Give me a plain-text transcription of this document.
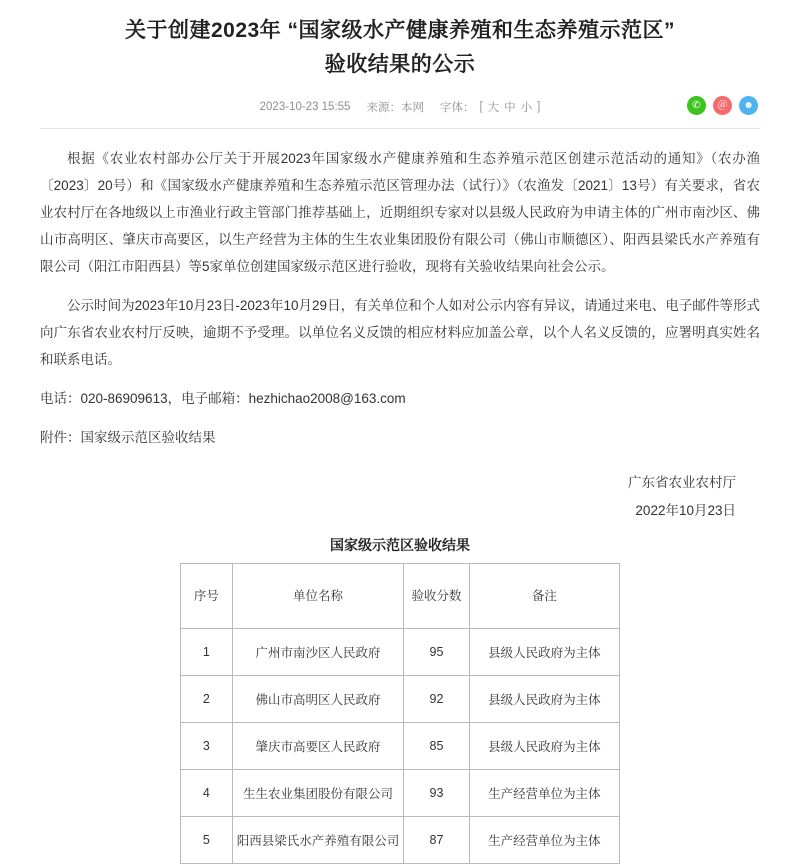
关于创建2023年 “国家级水产健康养殖和生态养殖示范区”
验收结果的公示
2023-10-23 15:55 来源：本网 字体： [ 大 中 小 ]	✆	＠	☻

根据《农业农村部办公厅关于开展2023年国家级水产健康养殖和生态养殖示范区创建示范活动的通知》（农办渔〔2023〕20号）和《国家级水产健康养殖和生态养殖示范区管理办法（试行）》（农渔发〔2021〕13号）有关要求，省农业农村厅在各地级以上市渔业行政主管部门推荐基础上，近期组织专家对以县级人民政府为申请主体的广州市南沙区、佛山市高明区、肇庆市高要区，以生产经营为主体的生生农业集团股份有限公司（佛山市顺德区）、阳西县梁氏水产养殖有限公司（阳江市阳西县）等5家单位创建国家级示范区进行验收，现将有关验收结果向社会公示。

公示时间为2023年10月23日-2023年10月29日，有关单位和个人如对公示内容有异议，请通过来电、电子邮件等形式向广东省农业农村厅反映，逾期不予受理。以单位名义反馈的相应材料应加盖公章，以个人名义反馈的，应署明真实姓名和联系电话。

电话：020-86909613，电子邮箱：hezhichao2008@163.com

附件：国家级示范区验收结果

广东省农业农村厅
2022年10月23日
国家级示范区验收结果
序号	单位名称	验收分数	备注
1	广州市南沙区人民政府	95	县级人民政府为主体
2	佛山市高明区人民政府	92	县级人民政府为主体
3	肇庆市高要区人民政府	85	县级人民政府为主体
4	生生农业集团股份有限公司	93	生产经营单位为主体
5	阳西县梁氏水产养殖有限公司	87	生产经营单位为主体
